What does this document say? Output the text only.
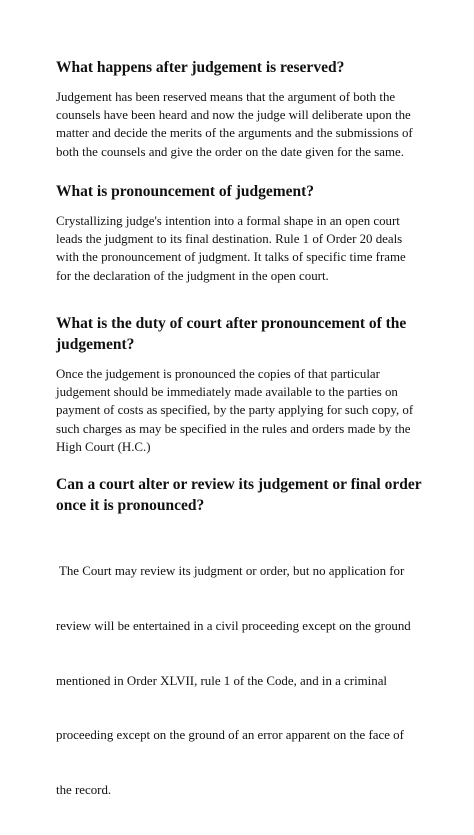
What happens after judgement is reserved?

Judgement has been reserved means that the argument of both the
counsels have been heard and now the judge will deliberate upon the
matter and decide the merits of the arguments and the submissions of
both the counsels and give the order on the date given for the same.

What is pronouncement of judgement?

Crystallizing judge's intention into a formal shape in an open court
leads the judgment to its final destination. Rule 1 of Order 20 deals
with the pronouncement of judgment. It talks of specific time frame
for the declaration of the judgment in the open court.

What is the duty of court after pronouncement of the
judgement?

Once the judgement is pronounced the copies of that particular
judgement should be immediately made available to the parties on
payment of costs as specified, by the party applying for such copy, of
such charges as may be specified in the rules and orders made by the
High Court (H.C.)

Can a court alter or review its judgement or final order
once it is pronounced?

The Court may review its judgment or order, but no application for

review will be entertained in a civil proceeding except on the ground

mentioned in Order XLVII, rule 1 of the Code, and in a criminal

proceeding except on the ground of an error apparent on the face of

the record.
